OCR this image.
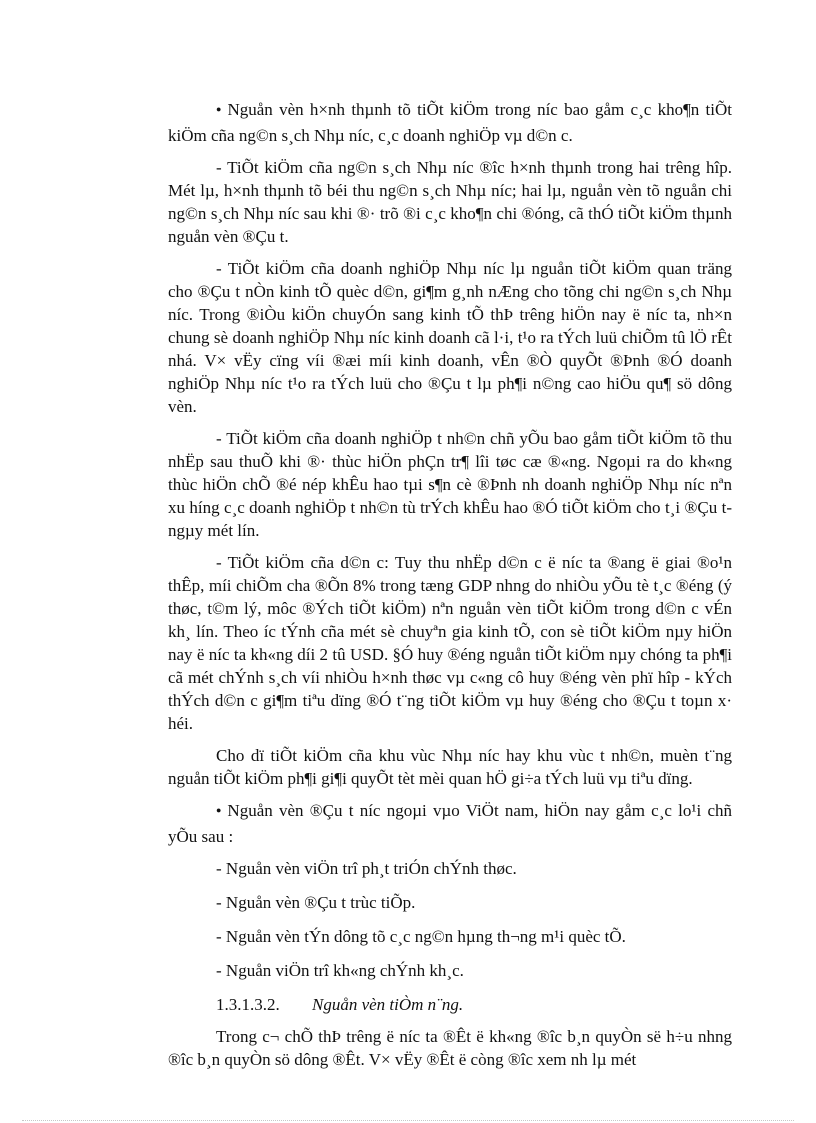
● Nguån vèn h×nh thµnh tõ tiÕt kiÖm trong níc bao gåm c¸c kho¶n tiÕt kiÖm cña ng©n s¸ch Nhµ níc, c¸c doanh nghiÖp vµ d©n c.

- TiÕt kiÖm cña ng©n s¸ch Nhµ níc ®îc h×nh thµnh trong hai trêng hîp. Mét lµ, h×nh thµnh tõ béi thu ng©n s¸ch Nhµ níc; hai lµ, nguån vèn tõ nguån chi ng©n s¸ch Nhµ níc sau khi ®· trõ ®i c¸c kho¶n chi ®óng, cã thÓ tiÕt kiÖm thµnh nguån vèn ®Çu t.

- TiÕt kiÖm cña doanh nghiÖp Nhµ níc lµ nguån tiÕt kiÖm quan träng cho ®Çu t nÒn kinh tÕ quèc d©n, gi¶m g¸nh nÆng cho tõng chi ng©n s¸ch Nhµ níc. Trong ®iÒu kiÖn chuyÓn sang kinh tÕ thÞ trêng hiÖn nay ë níc ta, nh×n chung sè doanh nghiÖp Nhµ níc kinh doanh cã l·i, t¹o ra tÝch luü chiÕm tû lÖ rÊt nhá. V× vËy cïng víi ®æi míi kinh doanh, vÊn ®Ò quyÕt ®Þnh ®Ó doanh nghiÖp Nhµ níc t¹o ra tÝch luü cho ®Çu t lµ ph¶i n©ng cao hiÖu qu¶ sö dông vèn.

- TiÕt kiÖm cña doanh nghiÖp t nh©n chñ yÕu bao gåm tiÕt kiÖm tõ thu nhËp sau thuÕ khi ®· thùc hiÖn phÇn tr¶ lîi tøc cæ ®«ng. Ngoµi ra do kh«ng thùc hiÖn chÕ ®é nép khÊu hao tµi s¶n cè ®Þnh nh doanh nghiÖp Nhµ níc nªn xu híng c¸c doanh nghiÖp t nh©n tù trÝch khÊu hao ®Ó tiÕt kiÖm cho t¸i ®Çu t ngµy mét lín.

- TiÕt kiÖm cña d©n c: Tuy thu nhËp d©n c ë níc ta ®ang ë giai ®o¹n thÊp, míi chiÕm cha ®Õn 8% trong tæng GDP nhng do nhiÒu yÕu tè t¸c ®éng (ý thøc, t©m lý, môc ®Ých tiÕt kiÖm) nªn nguån vèn tiÕt kiÖm trong d©n c vÉn kh¸ lín. Theo íc tÝnh cña mét sè chuyªn gia kinh tÕ, con sè tiÕt kiÖm nµy hiÖn nay ë níc ta kh«ng díi 2 tû USD. §Ó huy ®éng nguån tiÕt kiÖm nµy chóng ta ph¶i cã mét chÝnh s¸ch víi nhiÒu h×nh thøc vµ c«ng cô huy ®éng vèn phï hîp - kÝch thÝch d©n c gi¶m tiªu dïng ®Ó t¨ng tiÕt kiÖm vµ huy ®éng cho ®Çu t toµn x· héi.

Cho dï tiÕt kiÖm cña khu vùc Nhµ níc hay khu vùc t nh©n, muèn t¨ng nguån tiÕt kiÖm ph¶i gi¶i quyÕt tèt mèi quan hÖ gi÷a tÝch luü vµ tiªu dïng.

● Nguån vèn ®Çu t níc ngoµi vµo ViÖt nam, hiÖn nay gåm c¸c lo¹i chñ yÕu sau :

- Nguån vèn viÖn trî ph¸t triÓn chÝnh thøc.

- Nguån vèn ®Çu t trùc tiÕp.

- Nguån vèn tÝn dông tõ c¸c ng©n hµng th¬ng m¹i quèc tÕ.

- Nguån viÖn trî kh«ng chÝnh kh¸c.

1.3.1.3.2. Nguån vèn tiÒm n¨ng.

Trong c¬ chÕ thÞ trêng ë níc ta ®Êt ë kh«ng ®îc b¸n quyÒn së h÷u nhng ®îc b¸n quyÒn sö dông ®Êt. V× vËy ®Êt ë còng ®îc xem nh lµ mét
